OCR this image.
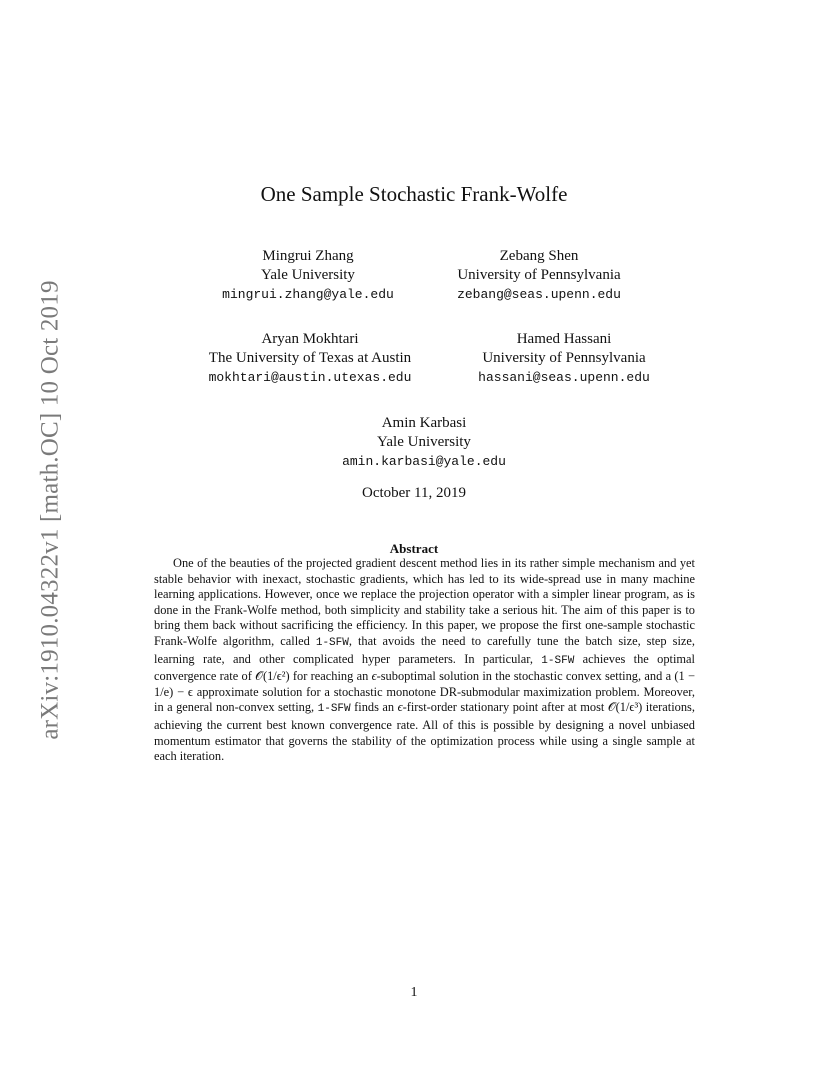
arXiv:1910.04322v1 [math.OC] 10 Oct 2019
One Sample Stochastic Frank-Wolfe
Mingrui Zhang
Yale University
mingrui.zhang@yale.edu
Zebang Shen
University of Pennsylvania
zebang@seas.upenn.edu
Aryan Mokhtari
The University of Texas at Austin
mokhtari@austin.utexas.edu
Hamed Hassani
University of Pennsylvania
hassani@seas.upenn.edu
Amin Karbasi
Yale University
amin.karbasi@yale.edu
October 11, 2019
Abstract

One of the beauties of the projected gradient descent method lies in its rather simple mechanism and yet stable behavior with inexact, stochastic gradients, which has led to its wide-spread use in many machine learning applications. However, once we replace the projection operator with a simpler linear program, as is done in the Frank-Wolfe method, both simplicity and stability take a serious hit. The aim of this paper is to bring them back without sacrificing the efficiency. In this paper, we propose the first one-sample stochastic Frank-Wolfe algorithm, called 1-SFW, that avoids the need to carefully tune the batch size, step size, learning rate, and other complicated hyper parameters. In particular, 1-SFW achieves the optimal convergence rate of 𝒪(1/ϵ²) for reaching an ϵ-suboptimal solution in the stochastic convex setting, and a (1 − 1/e) − ϵ approximate solution for a stochastic monotone DR-submodular maximization problem. Moreover, in a general non-convex setting, 1-SFW finds an ϵ-first-order stationary point after at most 𝒪(1/ϵ³) iterations, achieving the current best known convergence rate. All of this is possible by designing a novel unbiased momentum estimator that governs the stability of the optimization process while using a single sample at each iteration.

1
